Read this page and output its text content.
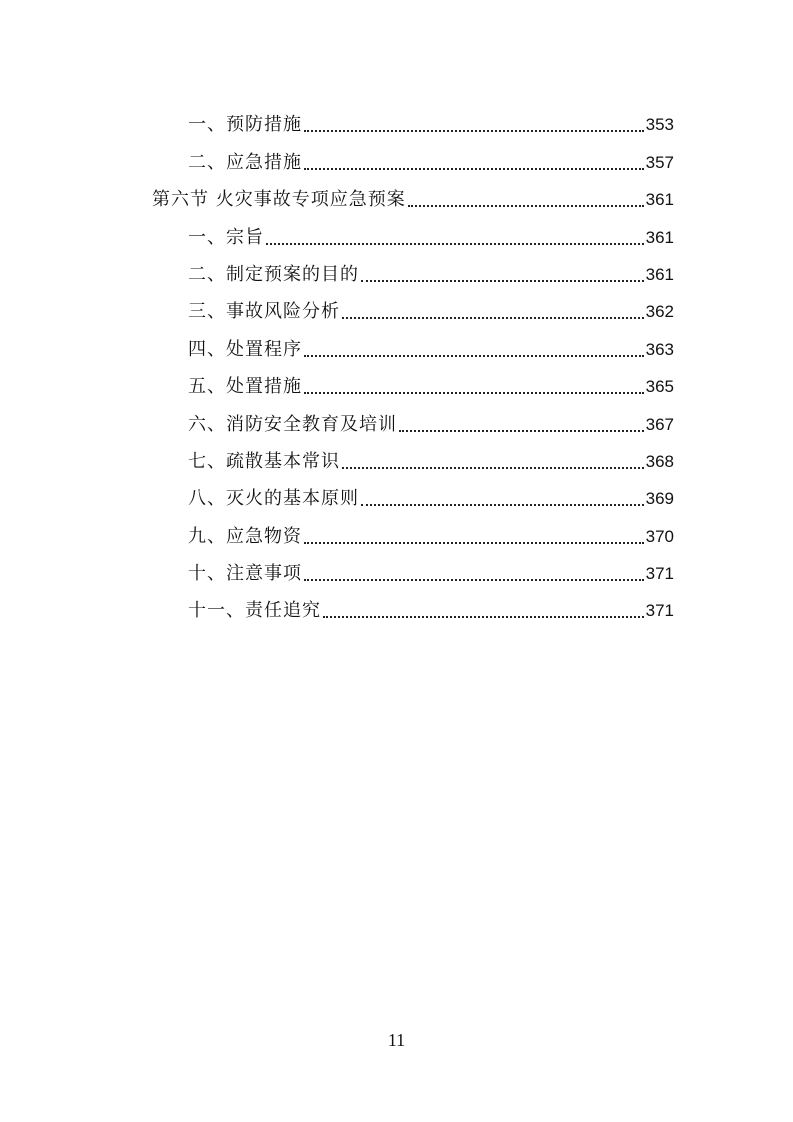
一、预防措施	353
二、应急措施	357
第六节 火灾事故专项应急预案	361
一、宗旨	361
二、制定预案的目的	361
三、事故风险分析	362
四、处置程序	363
五、处置措施	365
六、消防安全教育及培训	367
七、疏散基本常识	368
八、灭火的基本原则	369
九、应急物资	370
十、注意事项	371
十一、责任追究	371
11
